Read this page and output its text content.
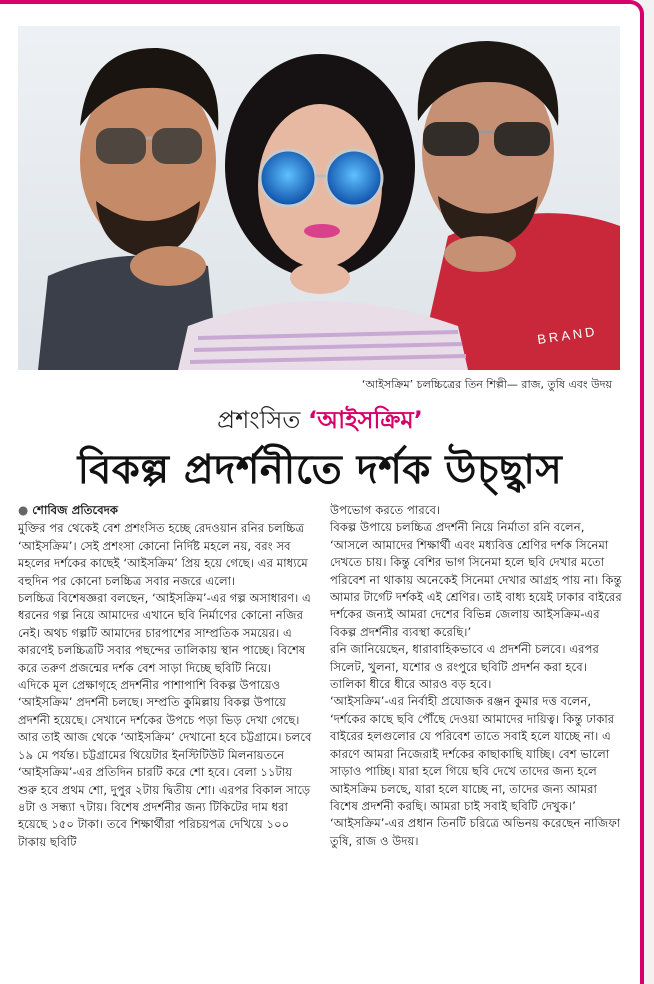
BRAND
‘আইসক্রিম’ চলচ্চিত্রের তিন শিল্পী— রাজ, তুষি এবং উদয়
প্রশংসিত ‘আইসক্রিম’
বিকল্প প্রদর্শনীতে দর্শক উচ্ছ্বাস

● শোবিজ প্রতিবেদক

মুক্তির পর থেকেই বেশ প্রশংসিত হচ্ছে রেদওয়ান রনির চলচ্চিত্র ‘আইসক্রিম’। সেই প্রশংসা কোনো নির্দিষ্ট মহলে নয়, বরং সব মহলের দর্শকের কাছেই ‘আইসক্রিম’ প্রিয় হয়ে গেছে। এর মাধ্যমে বহুদিন পর কোনো চলচ্চিত্র সবার নজরে এলো।

চলচ্চিত্র বিশেষজ্ঞরা বলছেন, ‘আইসক্রিম’-এর গল্প অসাধারণ। এ ধরনের গল্প নিয়ে আমাদের এখানে ছবি নির্মাণের কোনো নজির নেই। অথচ গল্পটি আমাদের চারপাশের সাম্প্রতিক সময়ের। এ কারণেই চলচ্চিত্রটি সবার পছন্দের তালিকায় স্থান পাচ্ছে। বিশেষ করে তরুণ প্রজন্মের দর্শক বেশ সাড়া দিচ্ছে ছবিটি নিয়ে।

এদিকে মূল প্রেক্ষাগৃহে প্রদর্শনীর পাশাপাশি বিকল্প উপায়েও ‘আইসক্রিম’ প্রদর্শনী চলছে। সম্প্রতি কুমিল্লায় বিকল্প উপায়ে প্রদর্শনী হয়েছে। সেখানে দর্শকের উপচে পড়া ভিড় দেখা গেছে। আর তাই আজ থেকে ‘আইসক্রিম’ দেখানো হবে চট্টগ্রামে। চলবে ১৯ মে পর্যন্ত। চট্টগ্রামের থিয়েটার ইনস্টিটিউট মিলনায়তনে ‘আইসক্রিম’-এর প্রতিদিন চারটি করে শো হবে। বেলা ১১টায় শুরু হবে প্রথম শো, দুপুর ২টায় দ্বিতীয় শো। এরপর বিকাল সাড়ে ৪টা ও সন্ধ্যা ৭টায়। বিশেষ প্রদর্শনীর জন্য টিকিটের দাম ধরা হয়েছে ১৫০ টাকা। তবে শিক্ষার্থীরা পরিচয়পত্র দেখিয়ে ১০০ টাকায় ছবিটি

উপভোগ করতে পারবে।

বিকল্প উপায়ে চলচ্চিত্র প্রদর্শনী নিয়ে নির্মাতা রনি বলেন, ‘আসলে আমাদের শিক্ষার্থী এবং মধ্যবিত্ত শ্রেণির দর্শক সিনেমা দেখতে চায়। কিন্তু বেশির ভাগ সিনেমা হলে ছবি দেখার মতো পরিবেশ না থাকায় অনেকেই সিনেমা দেখার আগ্রহ পায় না। কিন্তু আমার টার্গেট দর্শকই এই শ্রেণির। তাই বাধ্য হয়েই ঢাকার বাইরের দর্শকের জন্যই আমরা দেশের বিভিন্ন জেলায় আইসক্রিম-এর বিকল্প প্রদর্শনীর ব্যবস্থা করেছি।’

রনি জানিয়েছেন, ধারাবাহিকভাবে এ প্রদর্শনী চলবে। এরপর সিলেট, খুলনা, যশোর ও রংপুরে ছবিটি প্রদর্শন করা হবে। তালিকা ধীরে ধীরে আরও বড় হবে।

‘আইসক্রিম’-এর নির্বাহী প্রযোজক রঞ্জন কুমার দত্ত বলেন, ‘দর্শকের কাছে ছবি পৌঁছে দেওয়া আমাদের দায়িত্ব। কিন্তু ঢাকার বাইরের হলগুলোর যে পরিবেশ তাতে সবাই হলে যাচ্ছে না। এ কারণে আমরা নিজেরাই দর্শকের কাছাকাছি যাচ্ছি। বেশ ভালো সাড়াও পাচ্ছি। যারা হলে গিয়ে ছবি দেখে তাদের জন্য হলে আইসক্রিম চলছে, যারা হলে যাচ্ছে না, তাদের জন্য আমরা বিশেষ প্রদর্শনী করছি। আমরা চাই সবাই ছবিটি দেখুক।’

‘আইসক্রিম’-এর প্রধান তিনটি চরিত্রে অভিনয় করেছেন নাজিফা তুষি, রাজ ও উদয়।
